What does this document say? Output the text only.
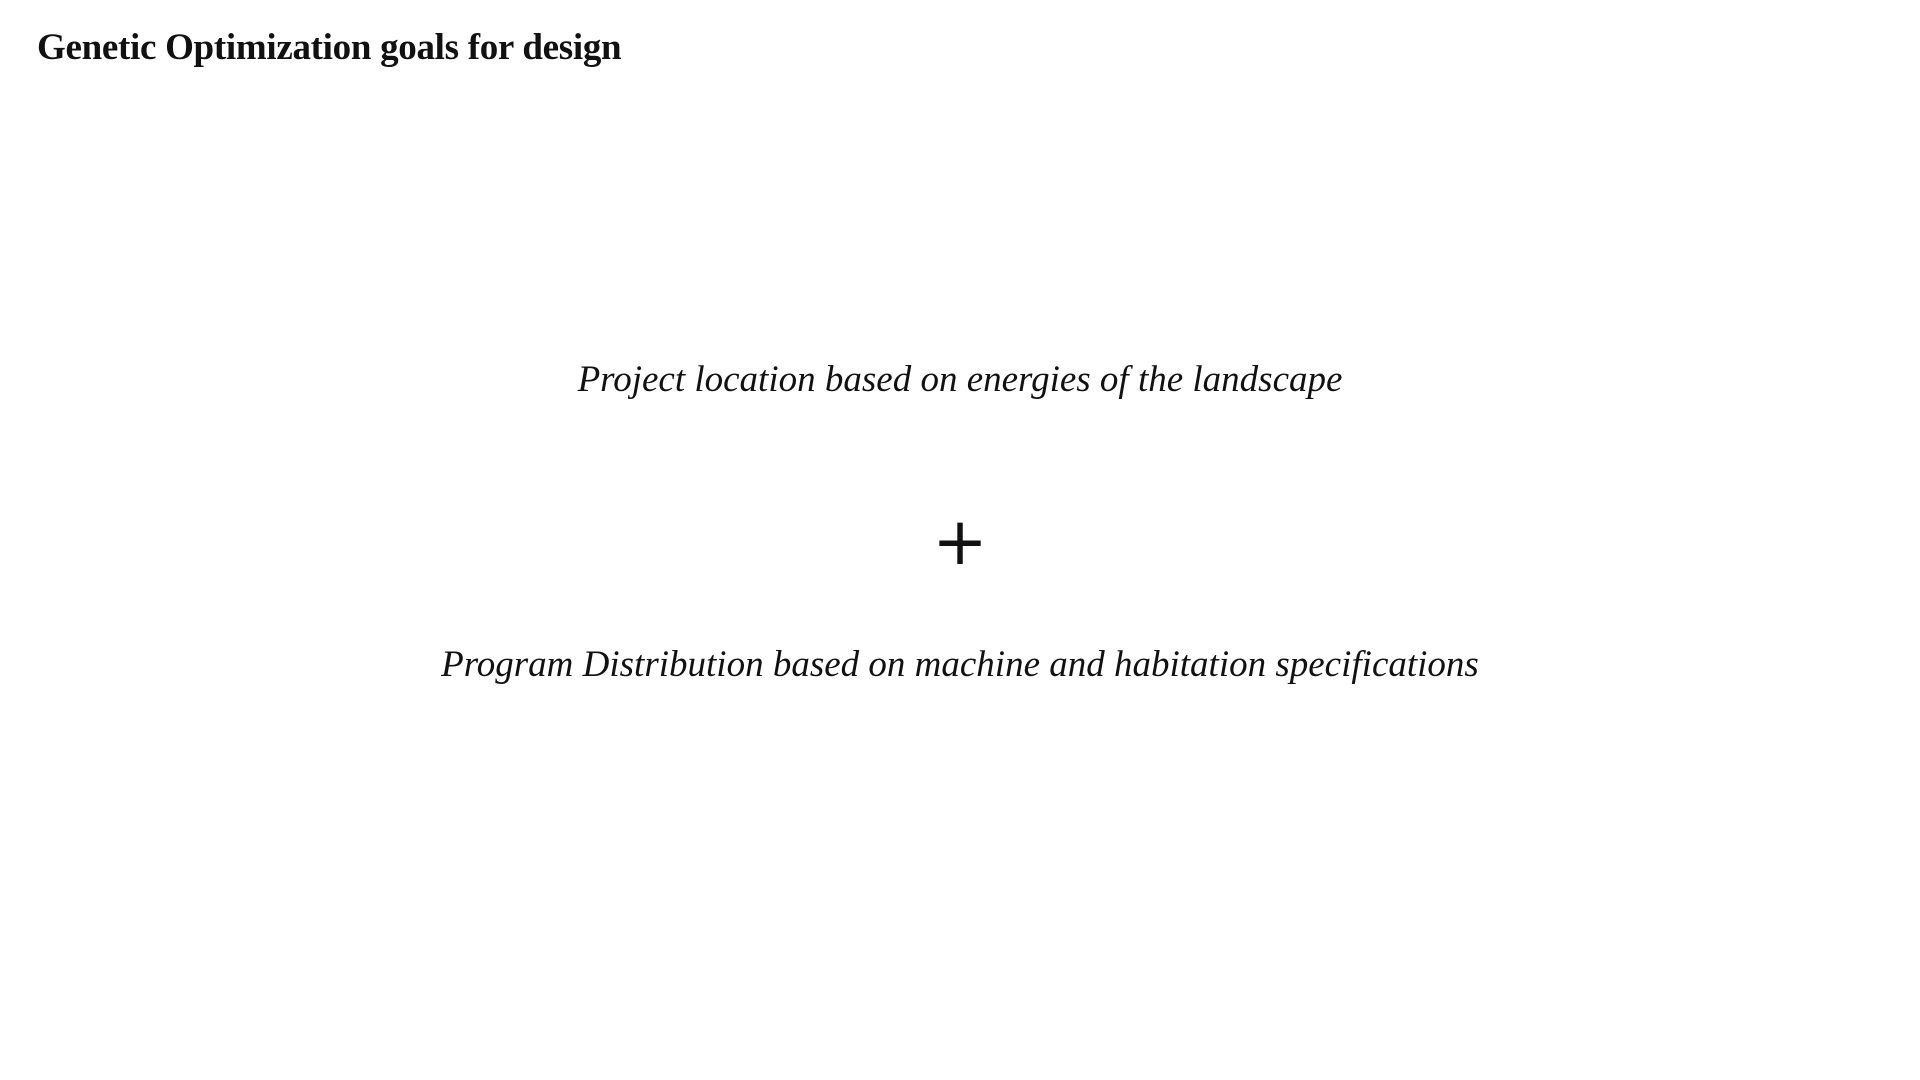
Genetic Optimization goals for design
Project location based on energies of the landscape
+
Program Distribution based on machine and habitation specifications
